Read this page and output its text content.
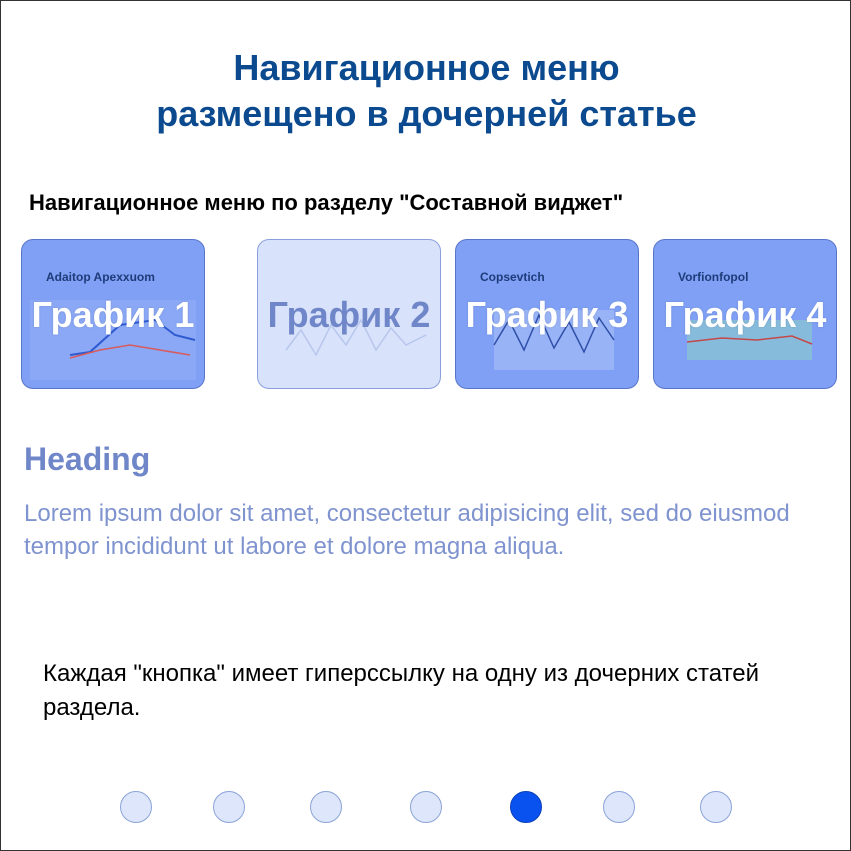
Навигационное меню
размещено в дочерней статье
Навигационное меню по разделу "Составной виджет"
Adaitop Apexxuom
График 1 График 2
Copsevtich
График 3
Vorfionfopol
График 4
Heading
Lorem ipsum dolor sit amet, consectetur adipisicing elit, sed do eiusmod tempor incididunt ut labore et dolore magna aliqua.
Каждая "кнопка" имеет гиперссылку на одну из дочерних статей раздела.
